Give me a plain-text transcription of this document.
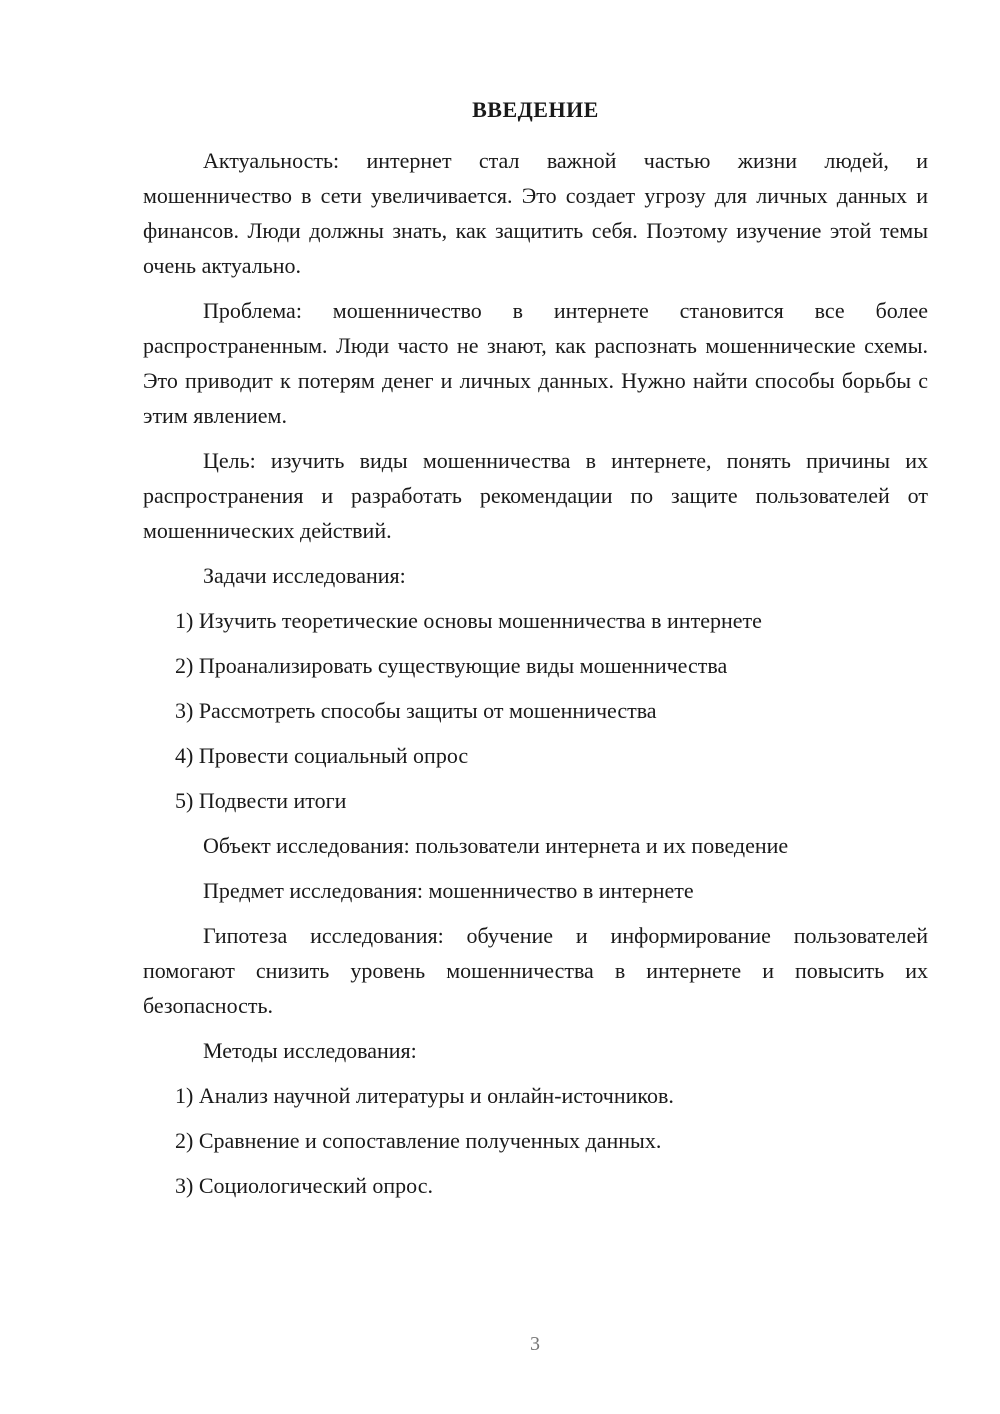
ВВЕДЕНИЕ

Актуальность: интернет стал важной частью жизни людей, и мошенничество в сети увеличивается. Это создает угрозу для личных данных и финансов. Люди должны знать, как защитить себя. Поэтому изучение этой темы очень актуально.

Проблема: мошенничество в интернете становится все более распространенным. Люди часто не знают, как распознать мошеннические схемы. Это приводит к потерям денег и личных данных. Нужно найти способы борьбы с этим явлением.

Цель: изучить виды мошенничества в интернете, понять причины их распространения и разработать рекомендации по защите пользователей от мошеннических действий.

Задачи исследования:

1) Изучить теоретические основы мошенничества в интернете

2) Проанализировать существующие виды мошенничества

3) Рассмотреть способы защиты от мошенничества

4) Провести социальный опрос

5) Подвести итоги

Объект исследования: пользователи интернета и их поведение

Предмет исследования: мошенничество в интернете

Гипотеза исследования: обучение и информирование пользователей помогают снизить уровень мошенничества в интернете и повысить их безопасность.

Методы исследования:

1) Анализ научной литературы и онлайн-источников.

2) Сравнение и сопоставление полученных данных.

3) Социологический опрос.

3
